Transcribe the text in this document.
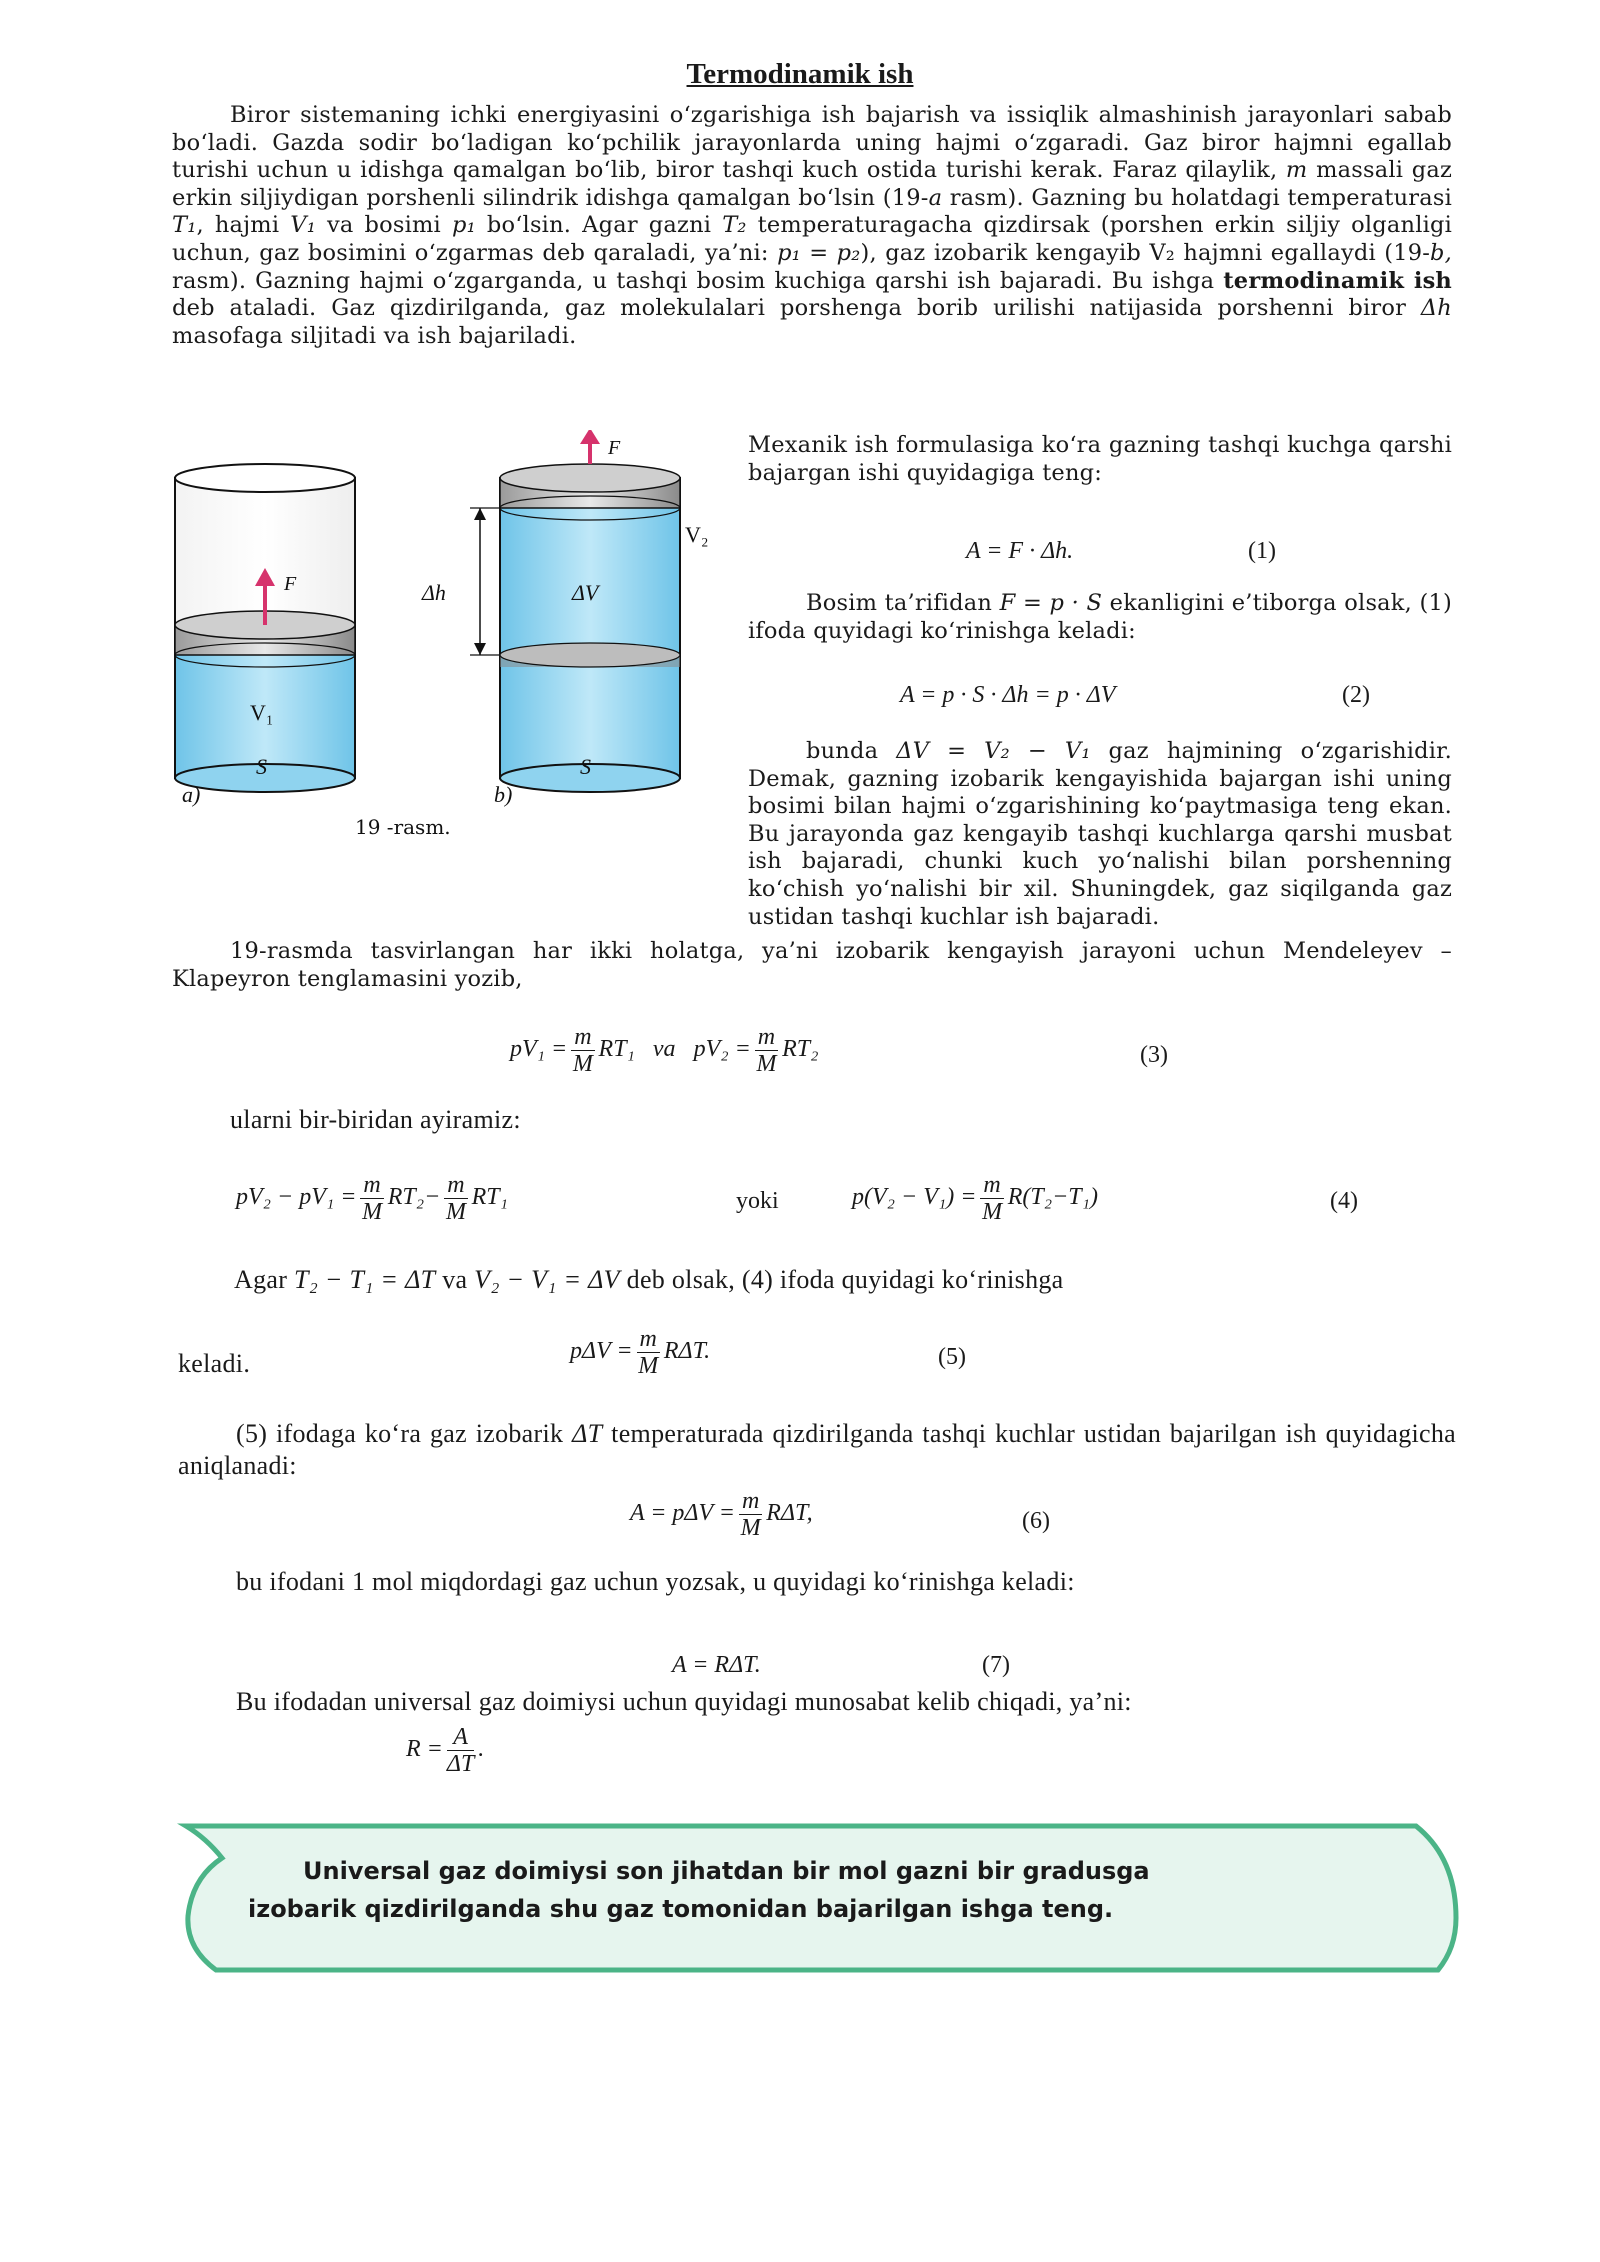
Termodinamik ish

Biror sistemaning ichki energiyasini o‘zgarishiga ish bajarish va issiqlik almashinish jarayonlari sabab bo‘ladi. Gazda sodir bo‘ladigan ko‘pchilik jarayonlarda uning hajmi o‘zgaradi. Gaz biror hajmni egallab turishi uchun u idishga qamalgan bo‘lib, biror tashqi kuch ostida turishi kerak. Faraz qilaylik, m massali gaz erkin siljiydigan porshenli silindrik idishga qamalgan bo‘lsin (19-a rasm). Gazning bu holatdagi temperaturasi T₁, hajmi V₁ va bosimi p₁ bo‘lsin. Agar gazni T₂ temperaturagacha qizdirsak (porshen erkin siljiy olganligi uchun, gaz bosimini o‘zgarmas deb qaraladi, ya’ni: p₁ = p₂), gaz izobarik kengayib V₂ hajmni egallaydi (19-b, rasm). Gazning hajmi o‘zgarganda, u tashqi bosim kuchiga qarshi ish bajaradi. Bu ishga termodinamik ish deb ataladi. Gaz qizdirilganda, gaz molekulalari porshenga borib urilishi natijasida porshenni biror Δh masofaga siljitadi va ish bajariladi.

F
F
V₁
V₂
Δh	ΔV
S	S
a)	b)
19 -rasm.

Mexanik ish formulasiga ko‘ra gazning tashqi kuchga qarshi bajargan ishi quyidagiga teng:

A = F · Δh.	(1)

Bosim ta’rifidan F = p · S ekanligini e’tiborga olsak, (1) ifoda quyidagi ko‘rinishga keladi:

A = p · S · Δh = p · ΔV	(2)

bunda ΔV = V₂ − V₁ gaz hajmining o‘zgarishidir. Demak, gazning izobarik kengayishida bajargan ishi uning bosimi bilan hajmi o‘zgarishining ko‘paytmasiga teng ekan. Bu jarayonda gaz kengayib tashqi kuchlarga qarshi musbat ish bajaradi, chunki kuch yo‘nalishi bilan porshenning ko‘chish yo‘nalishi bir xil. Shuningdek, gaz siqilganda gaz ustidan tashqi kuchlar ish bajaradi.

19-rasmda tasvirlangan har ikki holatga, ya’ni izobarik kengayish jarayoni uchun Mendeleyev – Klapeyron tenglamasini yozib,

$pV_1 = \frac{m}{M} RT_1$ va $pV_2 = \frac{m}{M} RT_2$	(3)

ularni bir-biridan ayiramiz:

$pV_2 - pV_1 = \frac{m}{M} RT_2- \frac{m}{M} RT_1$	yoki	$p(V_2 - V_1) = \frac{m}{M} R(T_2-T_1)$	(4)

Agar T₂ − T₁ = ΔT va V₂ − V₁ = ΔV deb olsak, (4) ifoda quyidagi ko‘rinishga

keladi.	$p\Delta V = \frac{m}{M} R\Delta T$.	(5)

(5) ifodaga ko‘ra gaz izobarik ΔT temperaturada qizdirilganda tashqi kuchlar ustidan bajarilgan ish quyidagicha aniqlanadi:

$A = p\Delta V = \frac{m}{M} R\Delta T$,	(6)

bu ifodani 1 mol miqdordagi gaz uchun yozsak, u quyidagi ko‘rinishga keladi:

A = RΔT.	(7)

Bu ifodadan universal gaz doimiysi uchun quyidagi munosabat kelib chiqadi, ya’ni:

$R = \frac{A}{\Delta T}$ .

Universal gaz doimiysi son jihatdan bir mol gazni bir gradusga

izobarik qizdirilganda shu gaz tomonidan bajarilgan ishga teng.
